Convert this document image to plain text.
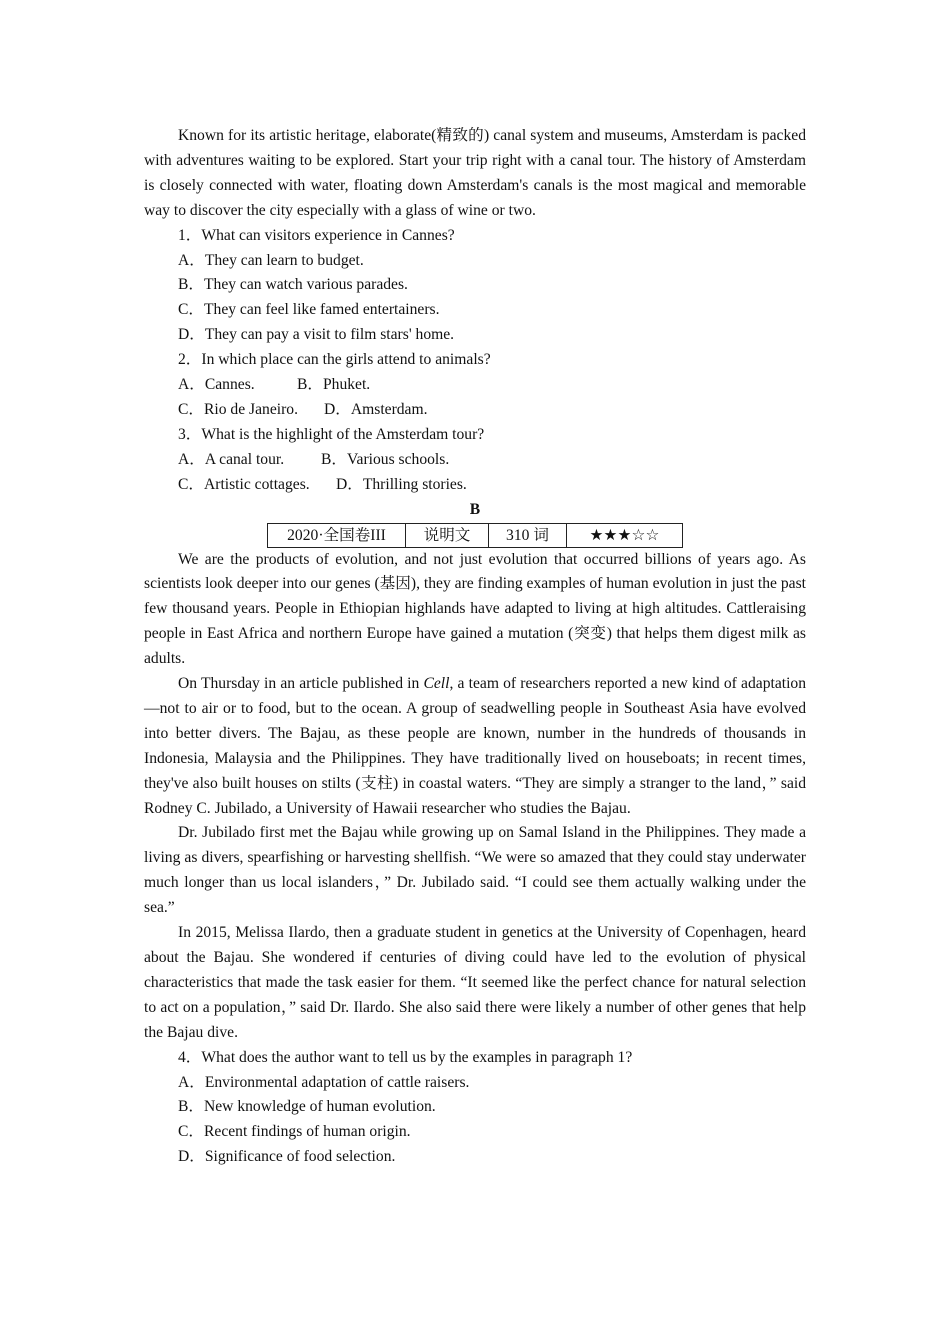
Known for its artistic heritage, elaborate(精致的) canal system and museums, Amsterdam is packed with adventures waiting to be explored. Start your trip right with a canal tour. The history of Amsterdam is closely connected with water, floating down Amsterdam's canals is the most magical and memorable way to discover the city especially with a glass of wine or two.

1．What can visitors experience in Cannes?

A．They can learn to budget.

B．They can watch various parades.

C．They can feel like famed entertainers.

D．They can pay a visit to film stars' home.

2．In which place can the girls attend to animals?

A．Cannes.	B．Phuket.

C．Rio de Janeiro. D．Amsterdam.

3．What is the highlight of the Amsterdam tour?

A．A canal tour. B．Various schools.

C．Artistic cottages. D．Thrilling stories.

B

2020·全国卷III	说明文	310 词	★★★☆☆

We are the products of evolution, and not just evolution that occurred billions of years ago. As scientists look deeper into our genes (基因), they are finding examples of human evolution in just the past few thousand years. People in Ethiopian highlands have adapted to living at high altitudes. Cattleraising people in East Africa and northern Europe have gained a mutation (突变) that helps them digest milk as adults.

On Thursday in an article published in Cell, a team of researchers reported a new kind of adaptation—not to air or to food, but to the ocean. A group of seadwelling people in Southeast Asia have evolved into better divers. The Bajau, as these people are known, number in the hundreds of thousands in Indonesia, Malaysia and the Philippines. They have traditionally lived on houseboats; in recent times, they've also built houses on stilts (支柱) in coastal waters. “They are simply a stranger to the land，” said Rodney C. Jubilado, a University of Hawaii researcher who studies the Bajau.

Dr. Jubilado first met the Bajau while growing up on Samal Island in the Philippines. They made a living as divers, spearfishing or harvesting shellfish. “We were so amazed that they could stay underwater much longer than us local islanders，” Dr. Jubilado said. “I could see them actually walking under the sea.”

In 2015, Melissa Ilardo, then a graduate student in genetics at the University of Copenhagen, heard about the Bajau. She wondered if centuries of diving could have led to the evolution of physical characteristics that made the task easier for them. “It seemed like the perfect chance for natural selection to act on a population，” said Dr. Ilardo. She also said there were likely a number of other genes that help the Bajau dive.

4．What does the author want to tell us by the examples in paragraph 1?

A．Environmental adaptation of cattle raisers.

B．New knowledge of human evolution.

C．Recent findings of human origin.

D．Significance of food selection.
